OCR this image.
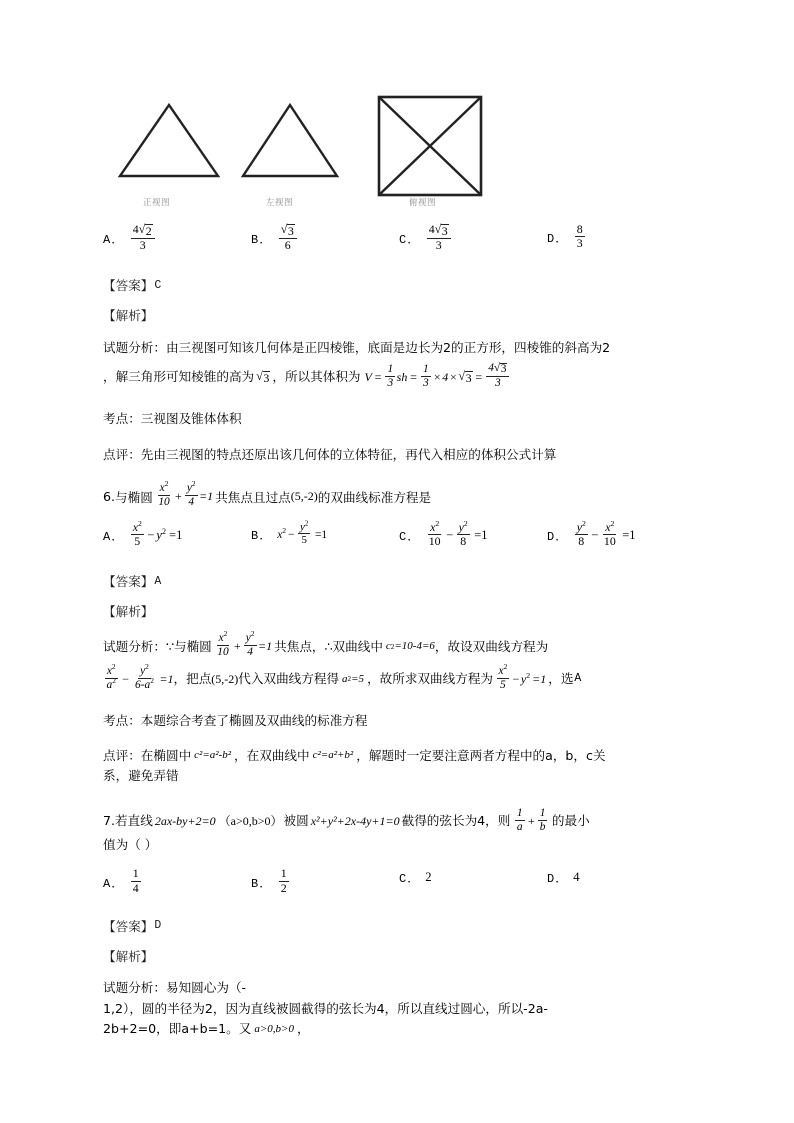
正视图	左视图	俯视图
A． $\frac{4 √ 2}{3}$	B． $\frac{√ 3}{6}$	C． $\frac{4 √ 3}{3}$	D． $\frac{8}{3}$
【答案】 C
【解析】
试题分析：由三视图可知该几何体是正四棱锥，底面是边长为2的正方形，四棱锥的斜高为2
，解三角形可知棱锥的高为 √ 3 ，所以其体积为 $V = \frac{1}{3}$ sh = $\frac{1}{3} \times 4$ × √ $3 = \frac{4 √ 3}{3}$
考点：三视图及锥体体积
点评：先由三视图的特点还原出该几何体的立体特征，再代入相应的体积公式计算
6. 与椭圆 $\frac{x^2}{10} + \frac{y^2}{4} =1$ 共焦点且过点 (5,-2) 的双曲线标准方程是
A． $\frac{x^2}{5} - y^2 =1$	B． $x^2 - \frac{y^2}{5} =1$	C． $\frac{x^2}{10} - \frac{y^2}{8} =1$	D． $\frac{y^2}{8} - \frac{x^2}{10} =1$
【答案】 A
【解析】
试题分析： ∵ 与椭圆 $\frac{x^2}{10} + \frac{y^2}{4} =1$ 共焦点， ∴ 双曲线中 c 2 =10-4=6 ，故设双曲线方程为
$\frac{x^2}{a^2} - \frac{y^2}{6-a^2} =1$ ，把点 (5,-2) 代入双曲线方程得 a 2 =5 ，故所求双曲线方程为 $\frac{x^2}{5} - y^2 =1$ ，选 A
考点：本题综合考查了椭圆及双曲线的标准方程
点评： 在椭圆中 c²=a²-b² ，在双曲线中 c²=a²+b² ，解题时一定要注意两者方程中的a，b，c关
系，避免弄错
7. 若直线 2ax-by+2=0 （a>0,b>0） 被圆 x²+y²+2x-4y+1=0 截得的弦长为4，则 $\frac{1}{a} + \frac{1}{b}$ 的最小
值为（ ）
A． $\frac{1}{4}$	B． $\frac{1}{2}$	C． 2	D． 4
【答案】 D
【解析】
试题分析：易知圆心为（-
1,2），圆的半径为2，因为直线被圆截得的弦长为4，所以直线过圆心，所以-2a-
2b+2=0，即a+b=1。又 a>0,b>0 ，
